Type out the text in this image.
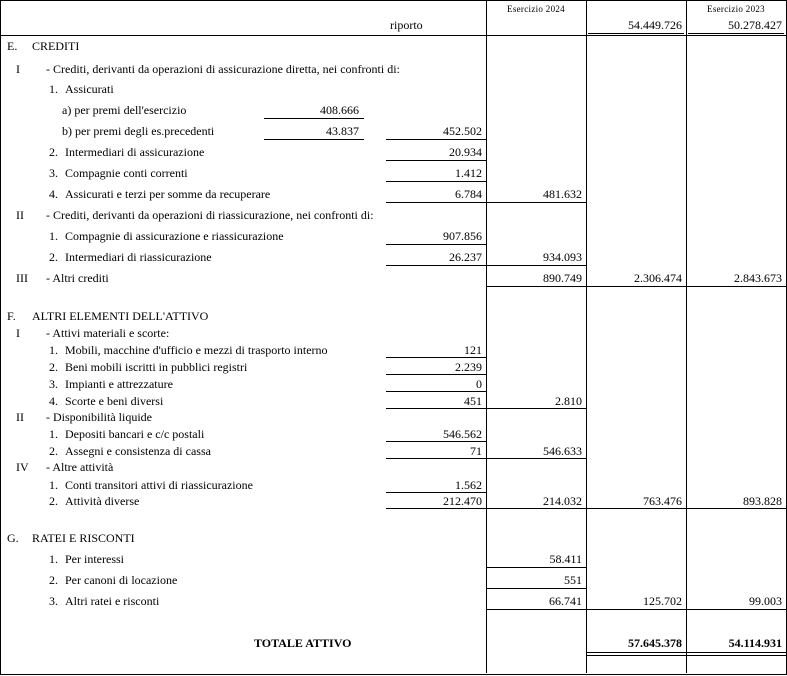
Esercizio 2024	Esercizio 2023
riporto	54.449.726	50.278.427
E. CREDITI
I - Crediti, derivanti da operazioni di assicurazione diretta, nei confronti di:
1. Assicurati
a) per premi dell'esercizio	408.666
b) per premi degli es.precedenti	43.837	452.502
2. Intermediari di assicurazione	20.934
3. Compagnie conti correnti	1.412
4. Assicurati e terzi per somme da recuperare	6.784	481.632
II - Crediti, derivanti da operazioni di riassicurazione, nei confronti di:
1. Compagnie di assicurazione e riassicurazione	907.856
2. Intermediari di riassicurazione	26.237	934.093
III - Altri crediti	890.749	2.306.474	2.843.673
F. ALTRI ELEMENTI DELL'ATTIVO
I - Attivi materiali e scorte:
1. Mobili, macchine d'ufficio e mezzi di trasporto interno	121
2. Beni mobili iscritti in pubblici registri	2.239
3. Impianti e attrezzature	0
4. Scorte e beni diversi	451	2.810
II - Disponibilità liquide
1. Depositi bancari e c/c postali	546.562
2. Assegni e consistenza di cassa	71	546.633
IV - Altre attività
1. Conti transitori attivi di riassicurazione	1.562
2. Attività diverse	212.470	214.032	763.476	893.828
G. RATEI E RISCONTI
1. Per interessi	58.411
2. Per canoni di locazione	551
3. Altri ratei e risconti	66.741	125.702	99.003
TOTALE ATTIVO	57.645.378	54.114.931
